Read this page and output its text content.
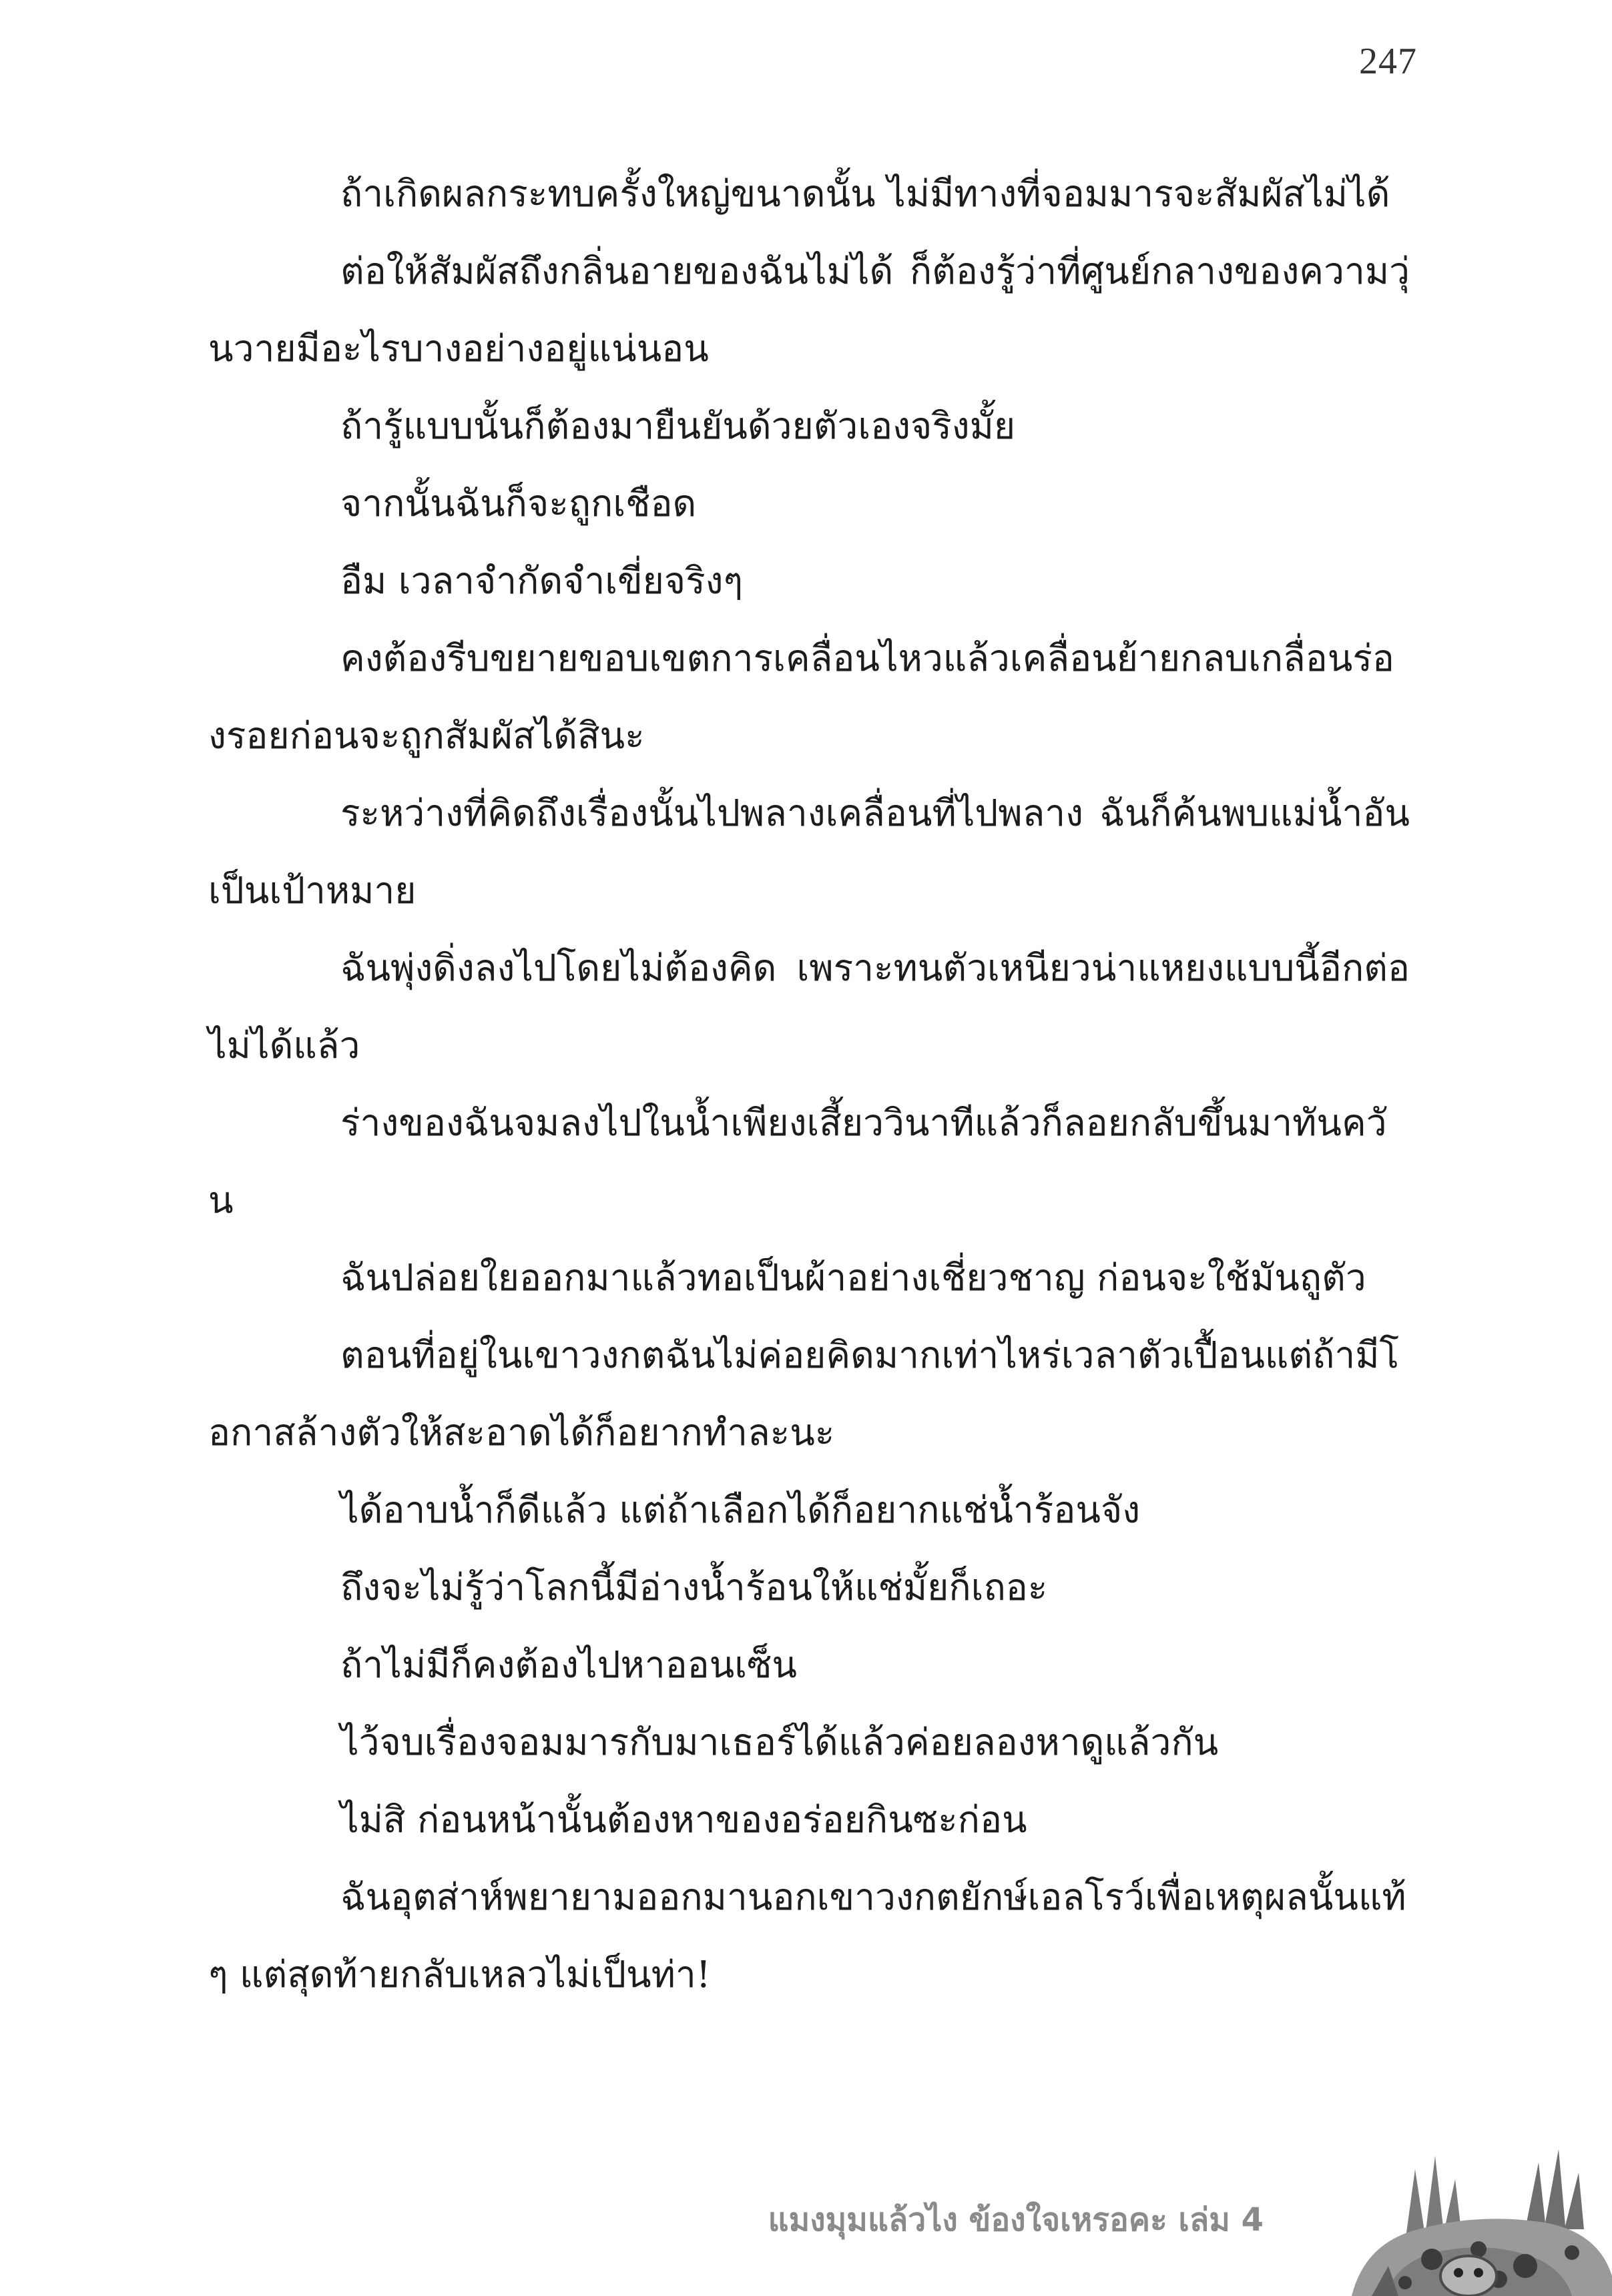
247

ถ้าเกิดผลกระทบครั้งใหญ่ขนาดนั้น ไม่มีทางที่จอมมารจะสัมผัสไม่ได้

ต่อให้สัมผัสถึงกลิ่นอายของฉันไม่ได้ ก็ต้องรู้ว่าที่ศูนย์กลางของความวุ่นวายมีอะไรบางอย่างอยู่แน่นอน

ถ้ารู้แบบนั้นก็ต้องมายืนยันด้วยตัวเองจริงมั้ย

จากนั้นฉันก็จะถูกเชือด

อืม เวลาจำกัดจำเขี่ยจริงๆ

คงต้องรีบขยายขอบเขตการเคลื่อนไหวแล้วเคลื่อนย้ายกลบเกลื่อนร่องรอยก่อนจะถูกสัมผัสได้สินะ

ระหว่างที่คิดถึงเรื่องนั้นไปพลางเคลื่อนที่ไปพลาง ฉันก็ค้นพบแม่น้ำอันเป็นเป้าหมาย

ฉันพุ่งดิ่งลงไปโดยไม่ต้องคิด เพราะทนตัวเหนียวน่าแหยงแบบนี้อีกต่อไม่ได้แล้ว

ร่างของฉันจมลงไปในน้ำเพียงเสี้ยววินาทีแล้วก็ลอยกลับขึ้นมาทันควัน

ฉันปล่อยใยออกมาแล้วทอเป็นผ้าอย่างเชี่ยวชาญ ก่อนจะใช้มันถูตัว

ตอนที่อยู่ในเขาวงกตฉันไม่ค่อยคิดมากเท่าไหร่เวลาตัวเปื้อนแต่ถ้ามีโอกาสล้างตัวให้สะอาดได้ก็อยากทำละนะ

ได้อาบน้ำก็ดีแล้ว แต่ถ้าเลือกได้ก็อยากแช่น้ำร้อนจัง

ถึงจะไม่รู้ว่าโลกนี้มีอ่างน้ำร้อนให้แช่มั้ยก็เถอะ

ถ้าไม่มีก็คงต้องไปหาออนเซ็น

ไว้จบเรื่องจอมมารกับมาเธอร์ได้แล้วค่อยลองหาดูแล้วกัน

ไม่สิ ก่อนหน้านั้นต้องหาของอร่อยกินซะก่อน

ฉันอุตส่าห์พยายามออกมานอกเขาวงกตยักษ์เอลโรว์เพื่อเหตุผลนั้นแท้ๆ แต่สุดท้ายกลับเหลวไม่เป็นท่า!

แมงมุมแล้วไง ข้องใจเหรอคะ เล่ม 4
